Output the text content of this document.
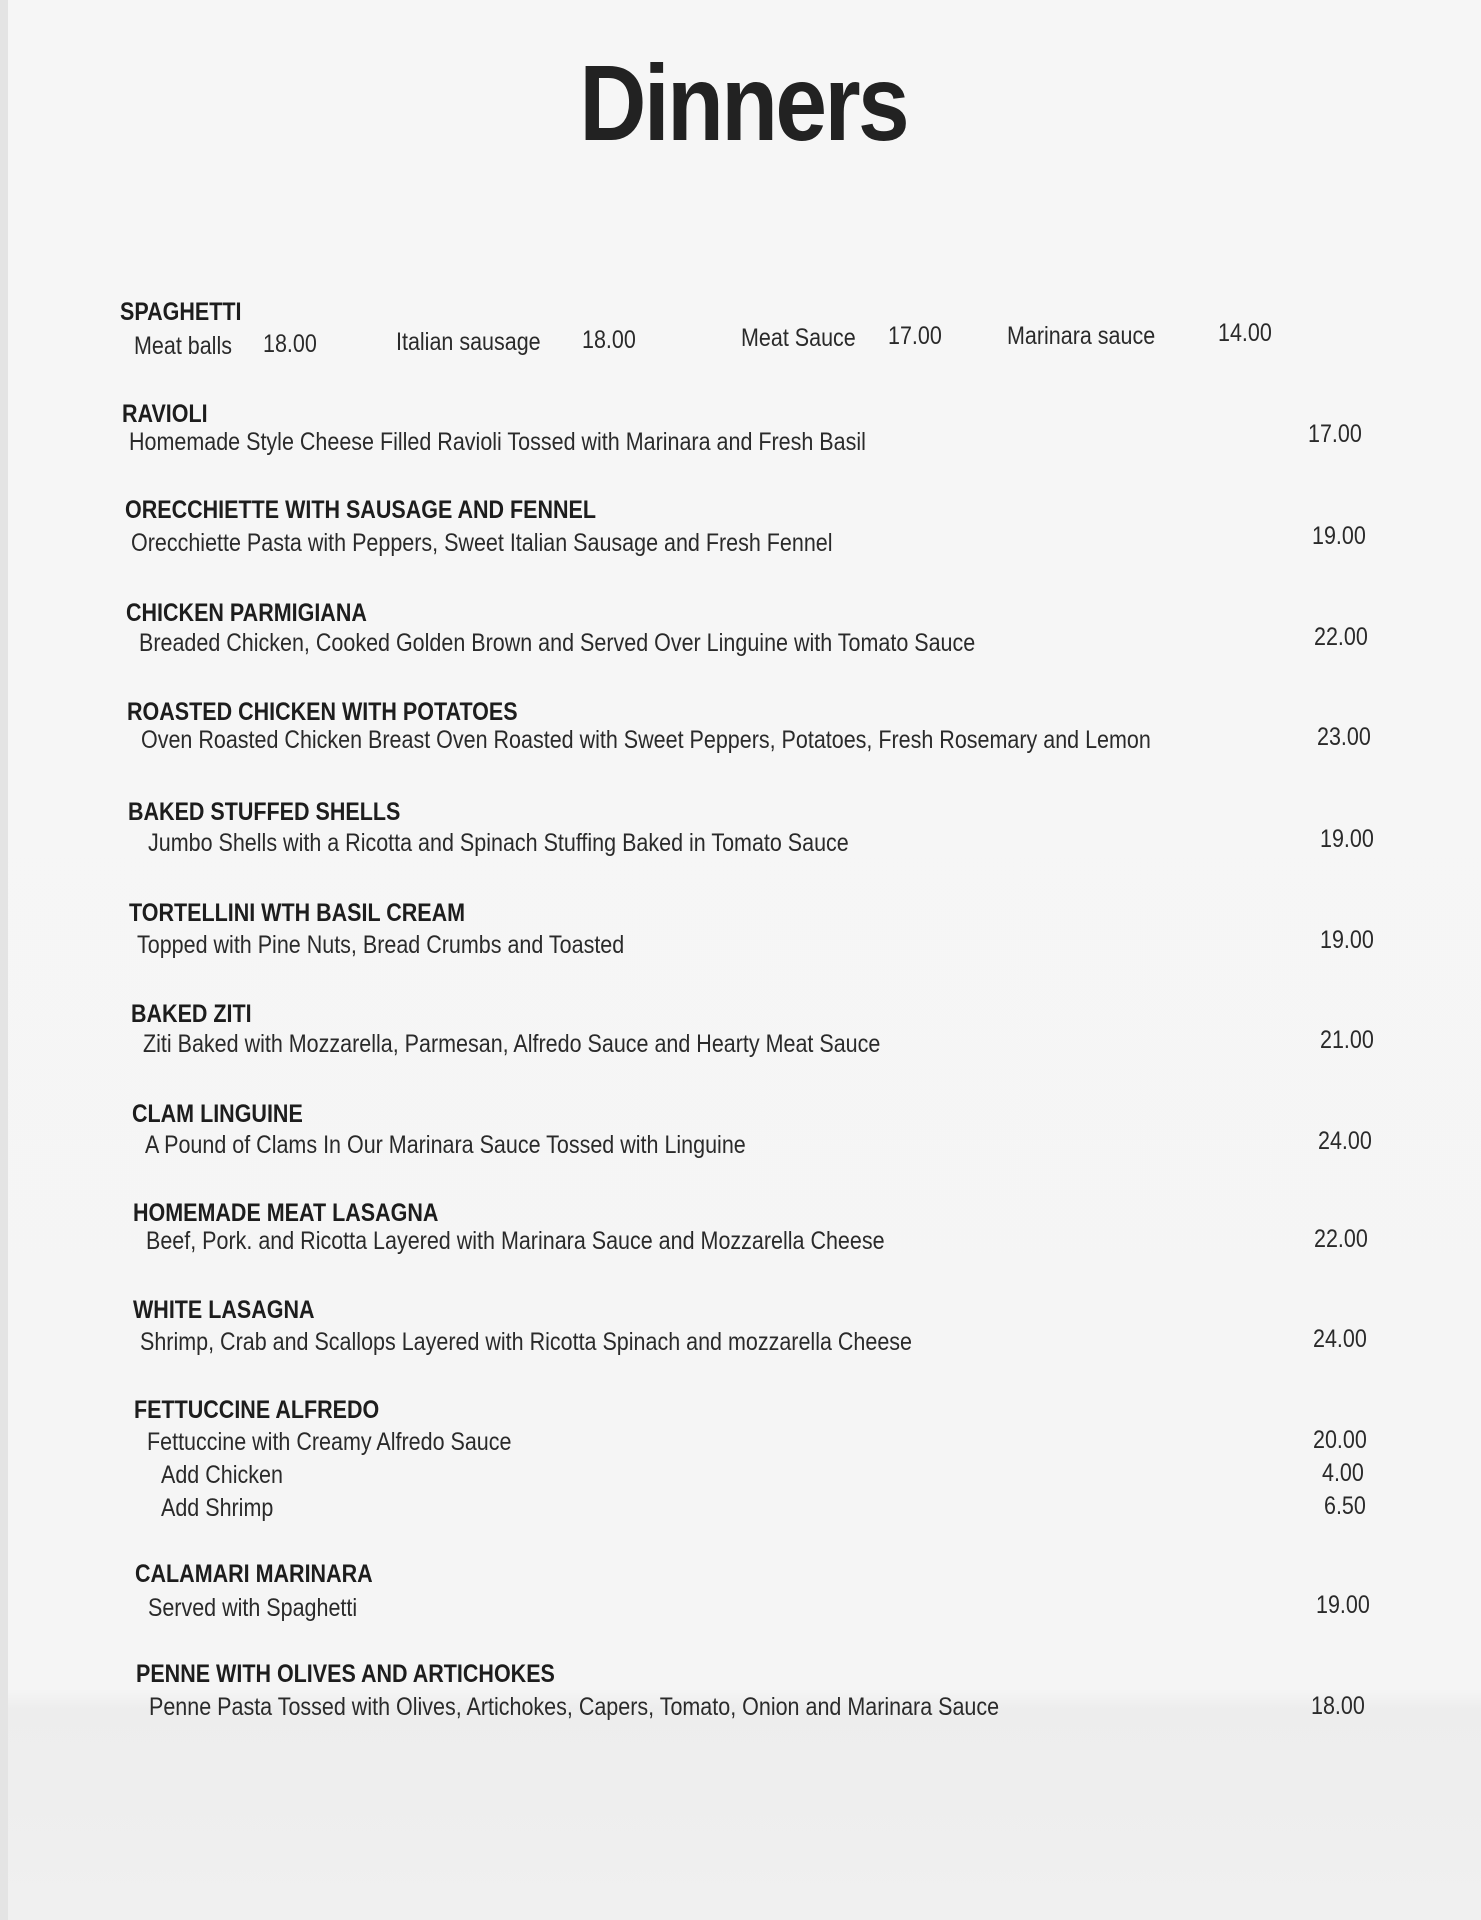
Dinners
SPAGHETTI
Meat balls 18.00	Italian sausage 18.00	Meat Sauce 17.00	Marinara sauce	14.00
RAVIOLI
Homemade Style Cheese Filled Ravioli Tossed with Marinara and Fresh Basil	17.00
ORECCHIETTE WITH SAUSAGE AND FENNEL
Orecchiette Pasta with Peppers, Sweet Italian Sausage and Fresh Fennel	19.00
CHICKEN PARMIGIANA
Breaded Chicken, Cooked Golden Brown and Served Over Linguine with Tomato Sauce	22.00
ROASTED CHICKEN WITH POTATOES
Oven Roasted Chicken Breast Oven Roasted with Sweet Peppers, Potatoes, Fresh Rosemary and Lemon	23.00
BAKED STUFFED SHELLS
Jumbo Shells with a Ricotta and Spinach Stuffing Baked in Tomato Sauce	19.00
TORTELLINI WTH BASIL CREAM
Topped with Pine Nuts, Bread Crumbs and Toasted	19.00
BAKED ZITI
Ziti Baked with Mozzarella, Parmesan, Alfredo Sauce and Hearty Meat Sauce	21.00
CLAM LINGUINE
A Pound of Clams In Our Marinara Sauce Tossed with Linguine	24.00
HOMEMADE MEAT LASAGNA
Beef, Pork. and Ricotta Layered with Marinara Sauce and Mozzarella Cheese	22.00
WHITE LASAGNA
Shrimp, Crab and Scallops Layered with Ricotta Spinach and mozzarella Cheese	24.00
FETTUCCINE ALFREDO
Fettuccine with Creamy Alfredo Sauce	20.00
Add Chicken	4.00
Add Shrimp	6.50
CALAMARI MARINARA
Served with Spaghetti	19.00
PENNE WITH OLIVES AND ARTICHOKES
Penne Pasta Tossed with Olives, Artichokes, Capers, Tomato, Onion and Marinara Sauce	18.00
